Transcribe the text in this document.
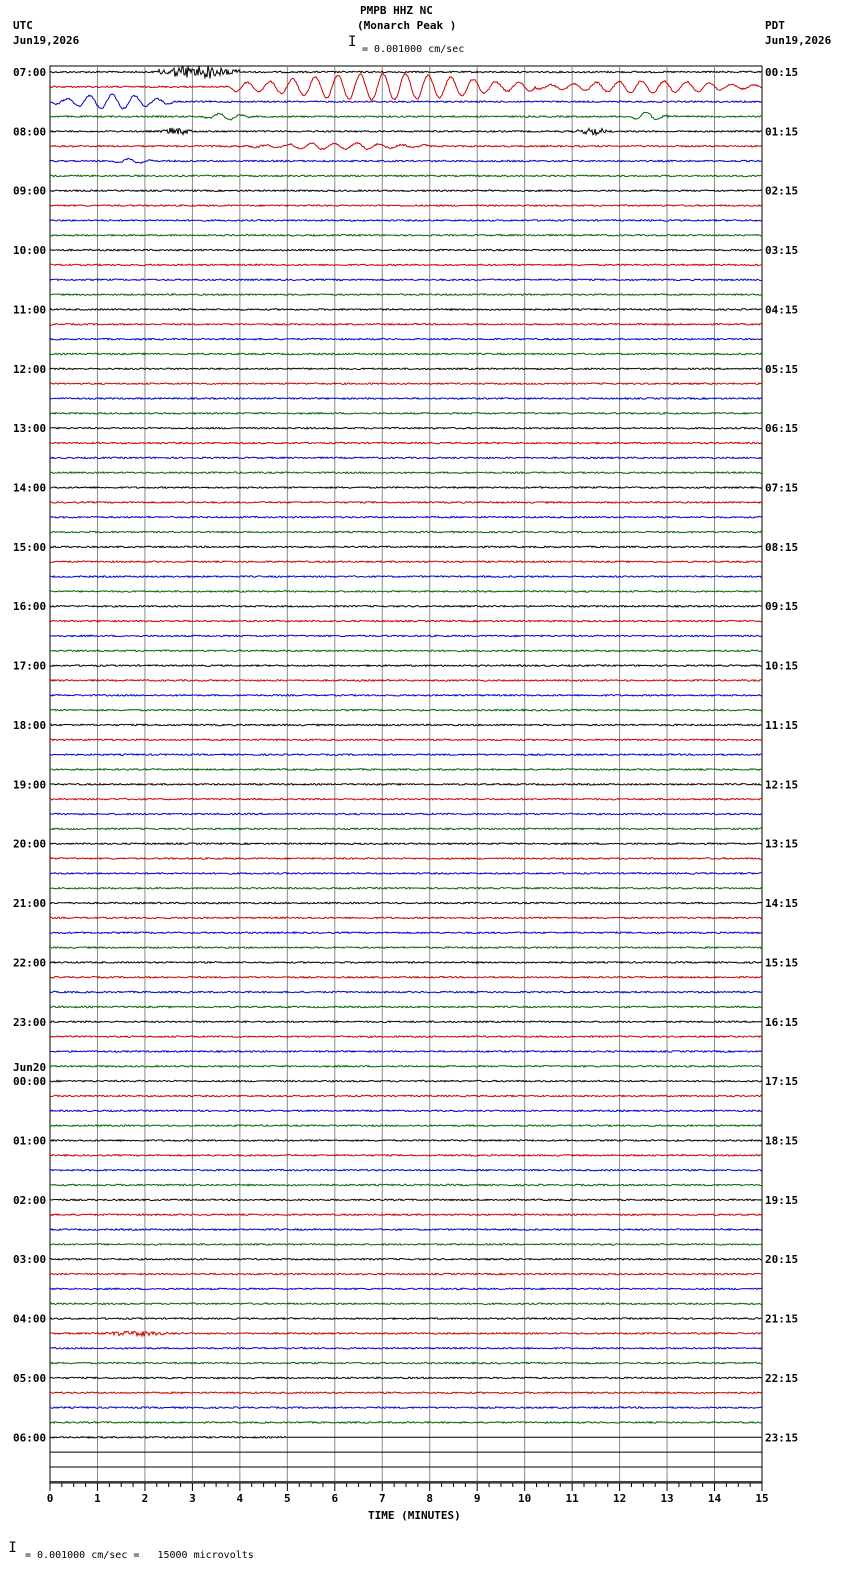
PMPB HHZ NC
(Monarch Peak )
I = 0.001000 cm/sec
UTC
Jun19,2026
PDT
Jun19,2026
0	1	2	3	4	5	6	7	8	9	10	11	12	13	14	15
07:00
08:00
09:00
10:00
11:00
12:00
13:00
14:00
15:00
16:00
17:00
18:00
19:00
20:00
21:00
22:00
23:00
00:00
01:00
02:00
03:00
04:00
05:00
06:00
00:15
01:15
02:15
03:15
04:15
05:15
06:15
07:15
08:15
09:15
10:15
11:15
12:15
13:15
14:15
15:15
16:15
17:15
18:15
19:15
20:15
21:15
22:15
23:15
Jun20
TIME (MINUTES)
I = 0.001000 cm/sec =   15000 microvolts
